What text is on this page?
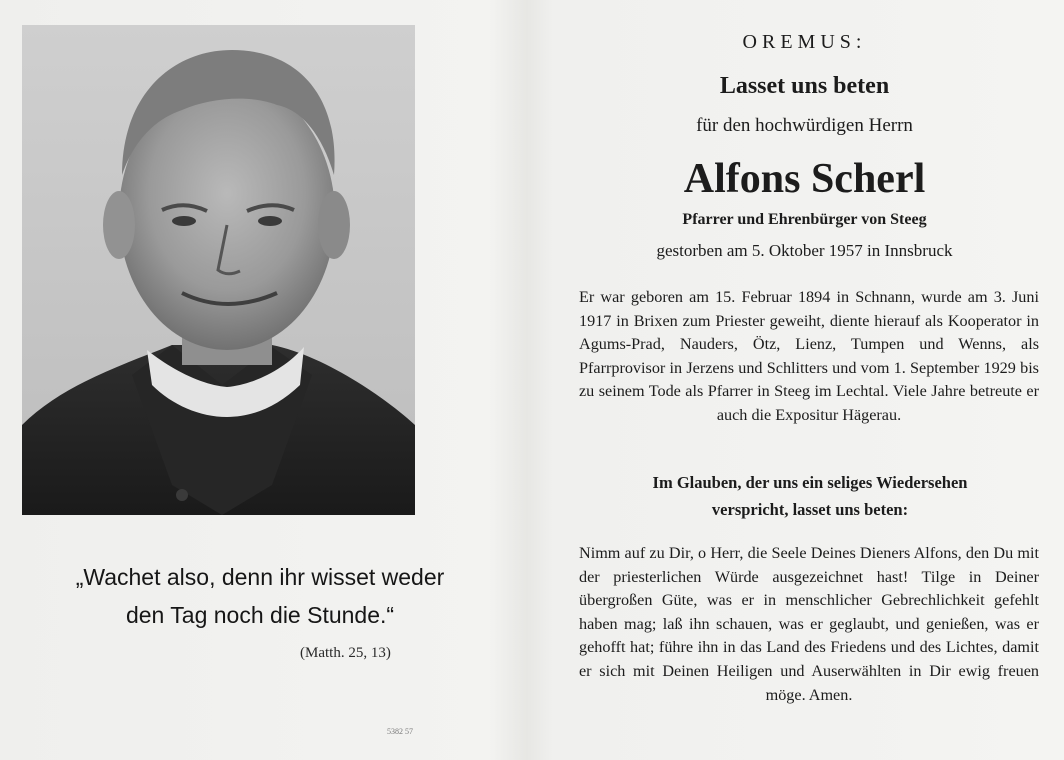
„Wachet also, denn ihr wisset weder
den Tag noch die Stunde.“
(Matth. 25, 13)
5382 57
OREMUS:
Lasset uns beten
für den hochwürdigen Herrn
Alfons Scherl
Pfarrer und Ehrenbürger von Steeg
gestorben am 5. Oktober 1957 in Innsbruck
Er war geboren am 15. Februar 1894 in Schnann, wurde am 3. Juni 1917 in Brixen zum Priester geweiht, diente hierauf als Kooperator in Agums-Prad, Nauders, Ötz, Lienz, Tumpen und Wenns, als Pfarrprovisor in Jerzens und Schlitters und vom 1. September 1929 bis zu seinem Tode als Pfarrer in Steeg im Lechtal. Viele Jahre betreute er auch die Expositur Hägerau.
Im Glauben, der uns ein seliges Wiedersehen
verspricht, lasset uns beten:
Nimm auf zu Dir, o Herr, die Seele Deines Dieners Alfons, den Du mit der priesterlichen Würde ausgezeichnet hast! Tilge in Deiner übergroßen Güte, was er in menschlicher Gebrechlichkeit gefehlt haben mag; laß ihn schauen, was er geglaubt, und genießen, was er gehofft hat; führe ihn in das Land des Friedens und des Lichtes, damit er sich mit Deinen Heiligen und Auserwählten in Dir ewig freuen möge. Amen.
